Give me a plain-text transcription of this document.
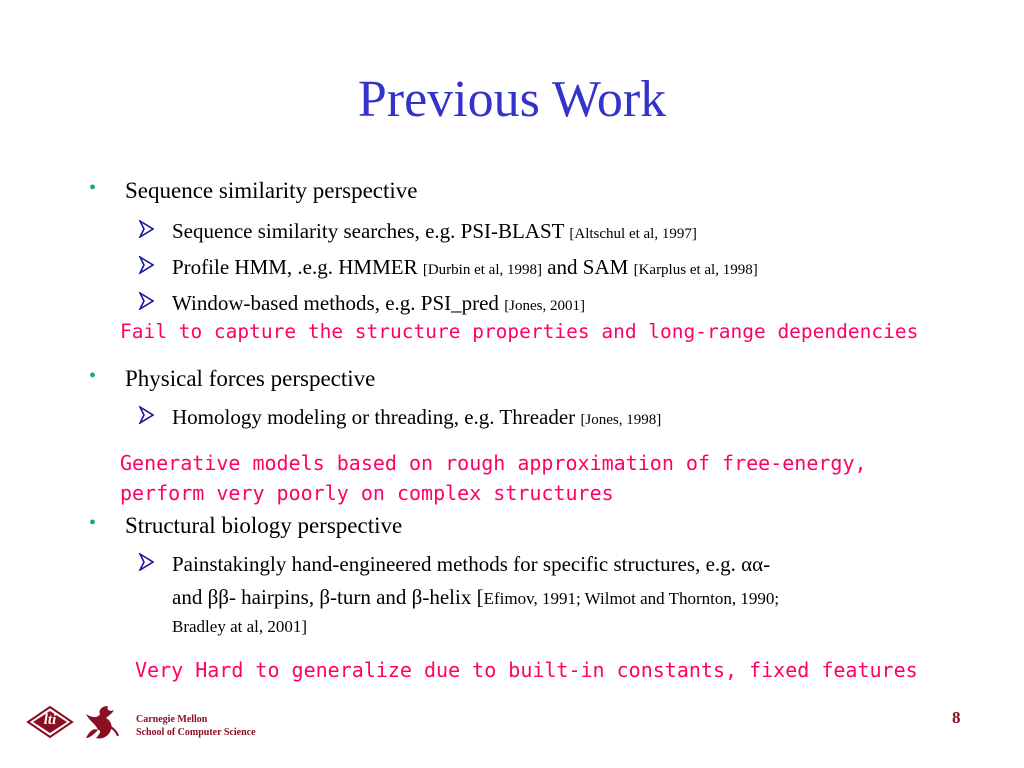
Previous Work
• Sequence similarity perspective
Sequence similarity searches, e.g. PSI-BLAST [Altschul et al, 1997]
Profile HMM, .e.g. HMMER [Durbin et al, 1998] and SAM [Karplus et al, 1998]
Window-based methods, e.g. PSI_pred [Jones, 2001]
Fail to capture the structure properties and long-range dependencies
• Physical forces perspective
Homology modeling or threading, e.g. Threader [Jones, 1998]
Generative models based on rough approximation of free-energy,
perform very poorly on complex structures
• Structural biology perspective
Painstakingly hand-engineered methods for specific structures, e.g. αα-
and ββ- hairpins, β-turn and β-helix [Efimov, 1991; Wilmot and Thornton, 1990;
Bradley at al, 2001]
Very Hard to generalize due to built-in constants, fixed features
lti	Carnegie Mellon
School of Computer Science
8
